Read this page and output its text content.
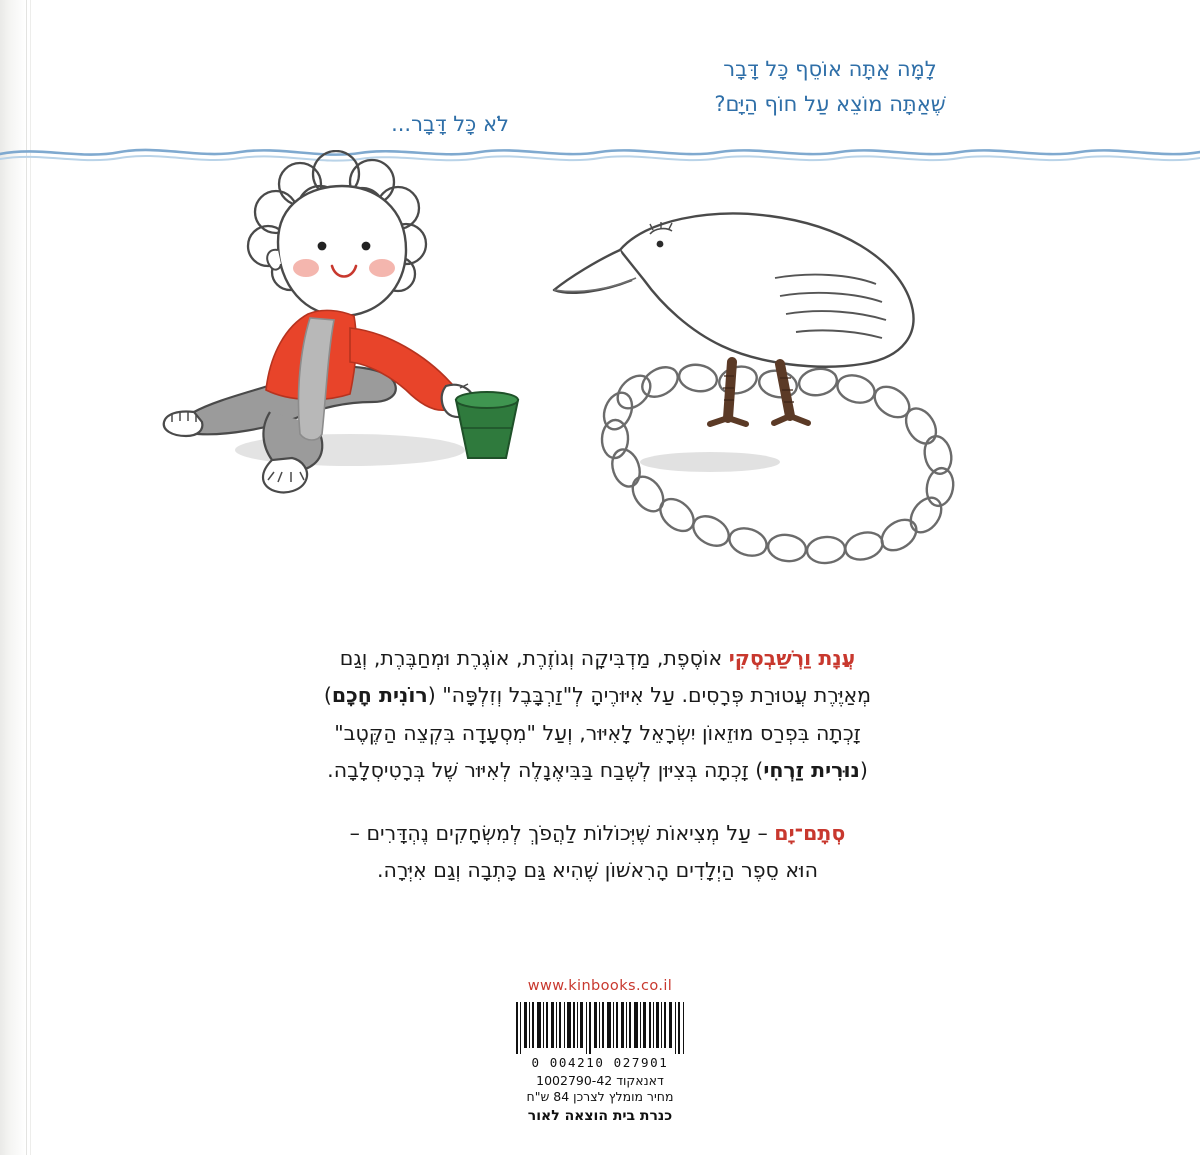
לָמָּה אַתָּה אוֹסֵף כָּל דָּבָר
שֶׁאַתָּה מוֹצֵא עַל חוֹף הַיָּם?
לֹא כָּל דָּבָר...

עֲנָת וַרְשַׁבְסְקִי אוֹסֶפֶת, מַדְבִּיקָה וְגוֹזֶרֶת, אוֹגֶרֶת וּמְחַבֶּרֶת, וְגַם
מְאַיֶּרֶת עֲטוּרַת פְּרָסִים. עַל אִיּוּרֶיהָ לְ"זַרְבָּבֶל וְזִלְפָּה" (רוֹנִית חָכָם)
זָכְתָה בִּפְרַס מוּזֵאוֹן יִשְׂרָאֵל לָאִיּוּר, וְעַל "מִסְעָדָה בִּקְצֵה הַקֶּטֶב"
(נוּרִית זַרְחִי) זָכְתָה בְּצִיּוּן לְשֶׁבַח בַּבִּיאֶנָלֶה לְאִיּוּר שֶׁל בְּרָטִיסְלָבָה.

סְתָם־יָם – עַל מְצִיאוֹת שֶׁיְּכוֹלוֹת לַהֲפֹךְ לְמִשְׂחָקִים נֶהְדָּרִים –
הוּא סֵפֶר הַיְלָדִים הָרִאשׁוֹן שֶׁהִיא גַּם כָּתְבָה וְגַם אִיְּרָה.

www.kinbooks.co.il
0 004210 027901
דאנאקוד 1002790-42
מחיר מומלץ לצרכן 84 ש"ח
כנרת בית הוצאה לאור
